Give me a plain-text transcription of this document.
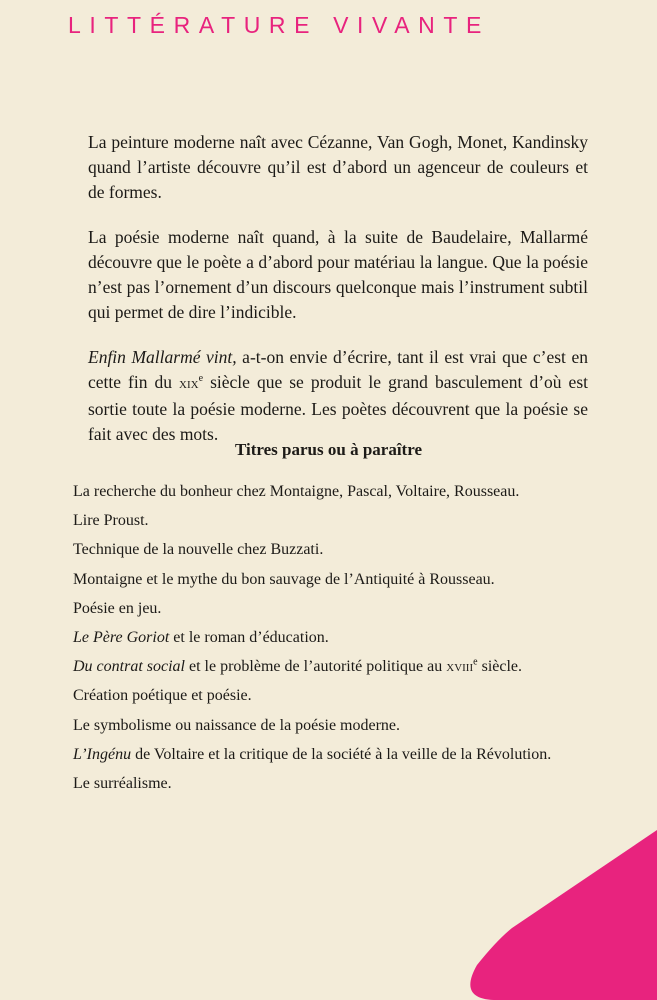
LITTÉRATURE VIVANTE

La peinture moderne naît avec Cézanne, Van Gogh, Monet, Kandinsky quand l’artiste découvre qu’il est d’abord un agenceur de couleurs et de formes.

La poésie moderne naît quand, à la suite de Baudelaire, Mallarmé découvre que le poète a d’abord pour matériau la langue. Que la poésie n’est pas l’ornement d’un discours quelconque mais l’instrument subtil qui permet de dire l’indicible.

Enfin Mallarmé vint, a-t-on envie d’écrire, tant il est vrai que c’est en cette fin du xix$^e$ siècle que se produit le grand basculement d’où est sortie toute la poésie moderne. Les poètes découvrent que la poésie se fait avec des mots.

Titres parus ou à paraître
La recherche du bonheur chez Montaigne, Pascal, Voltaire, Rousseau.
Lire Proust.
Technique de la nouvelle chez Buzzati.
Montaigne et le mythe du bon sauvage de l’Antiquité à Rousseau.
Poésie en jeu.
Le Père Goriot et le roman d’éducation.
Du contrat social et le problème de l’autorité politique au xviii$^e$ siècle.
Création poétique et poésie.
Le symbolisme ou naissance de la poésie moderne.
L’Ingénu de Voltaire et la critique de la société à la veille de la Révolution.
Le surréalisme.
